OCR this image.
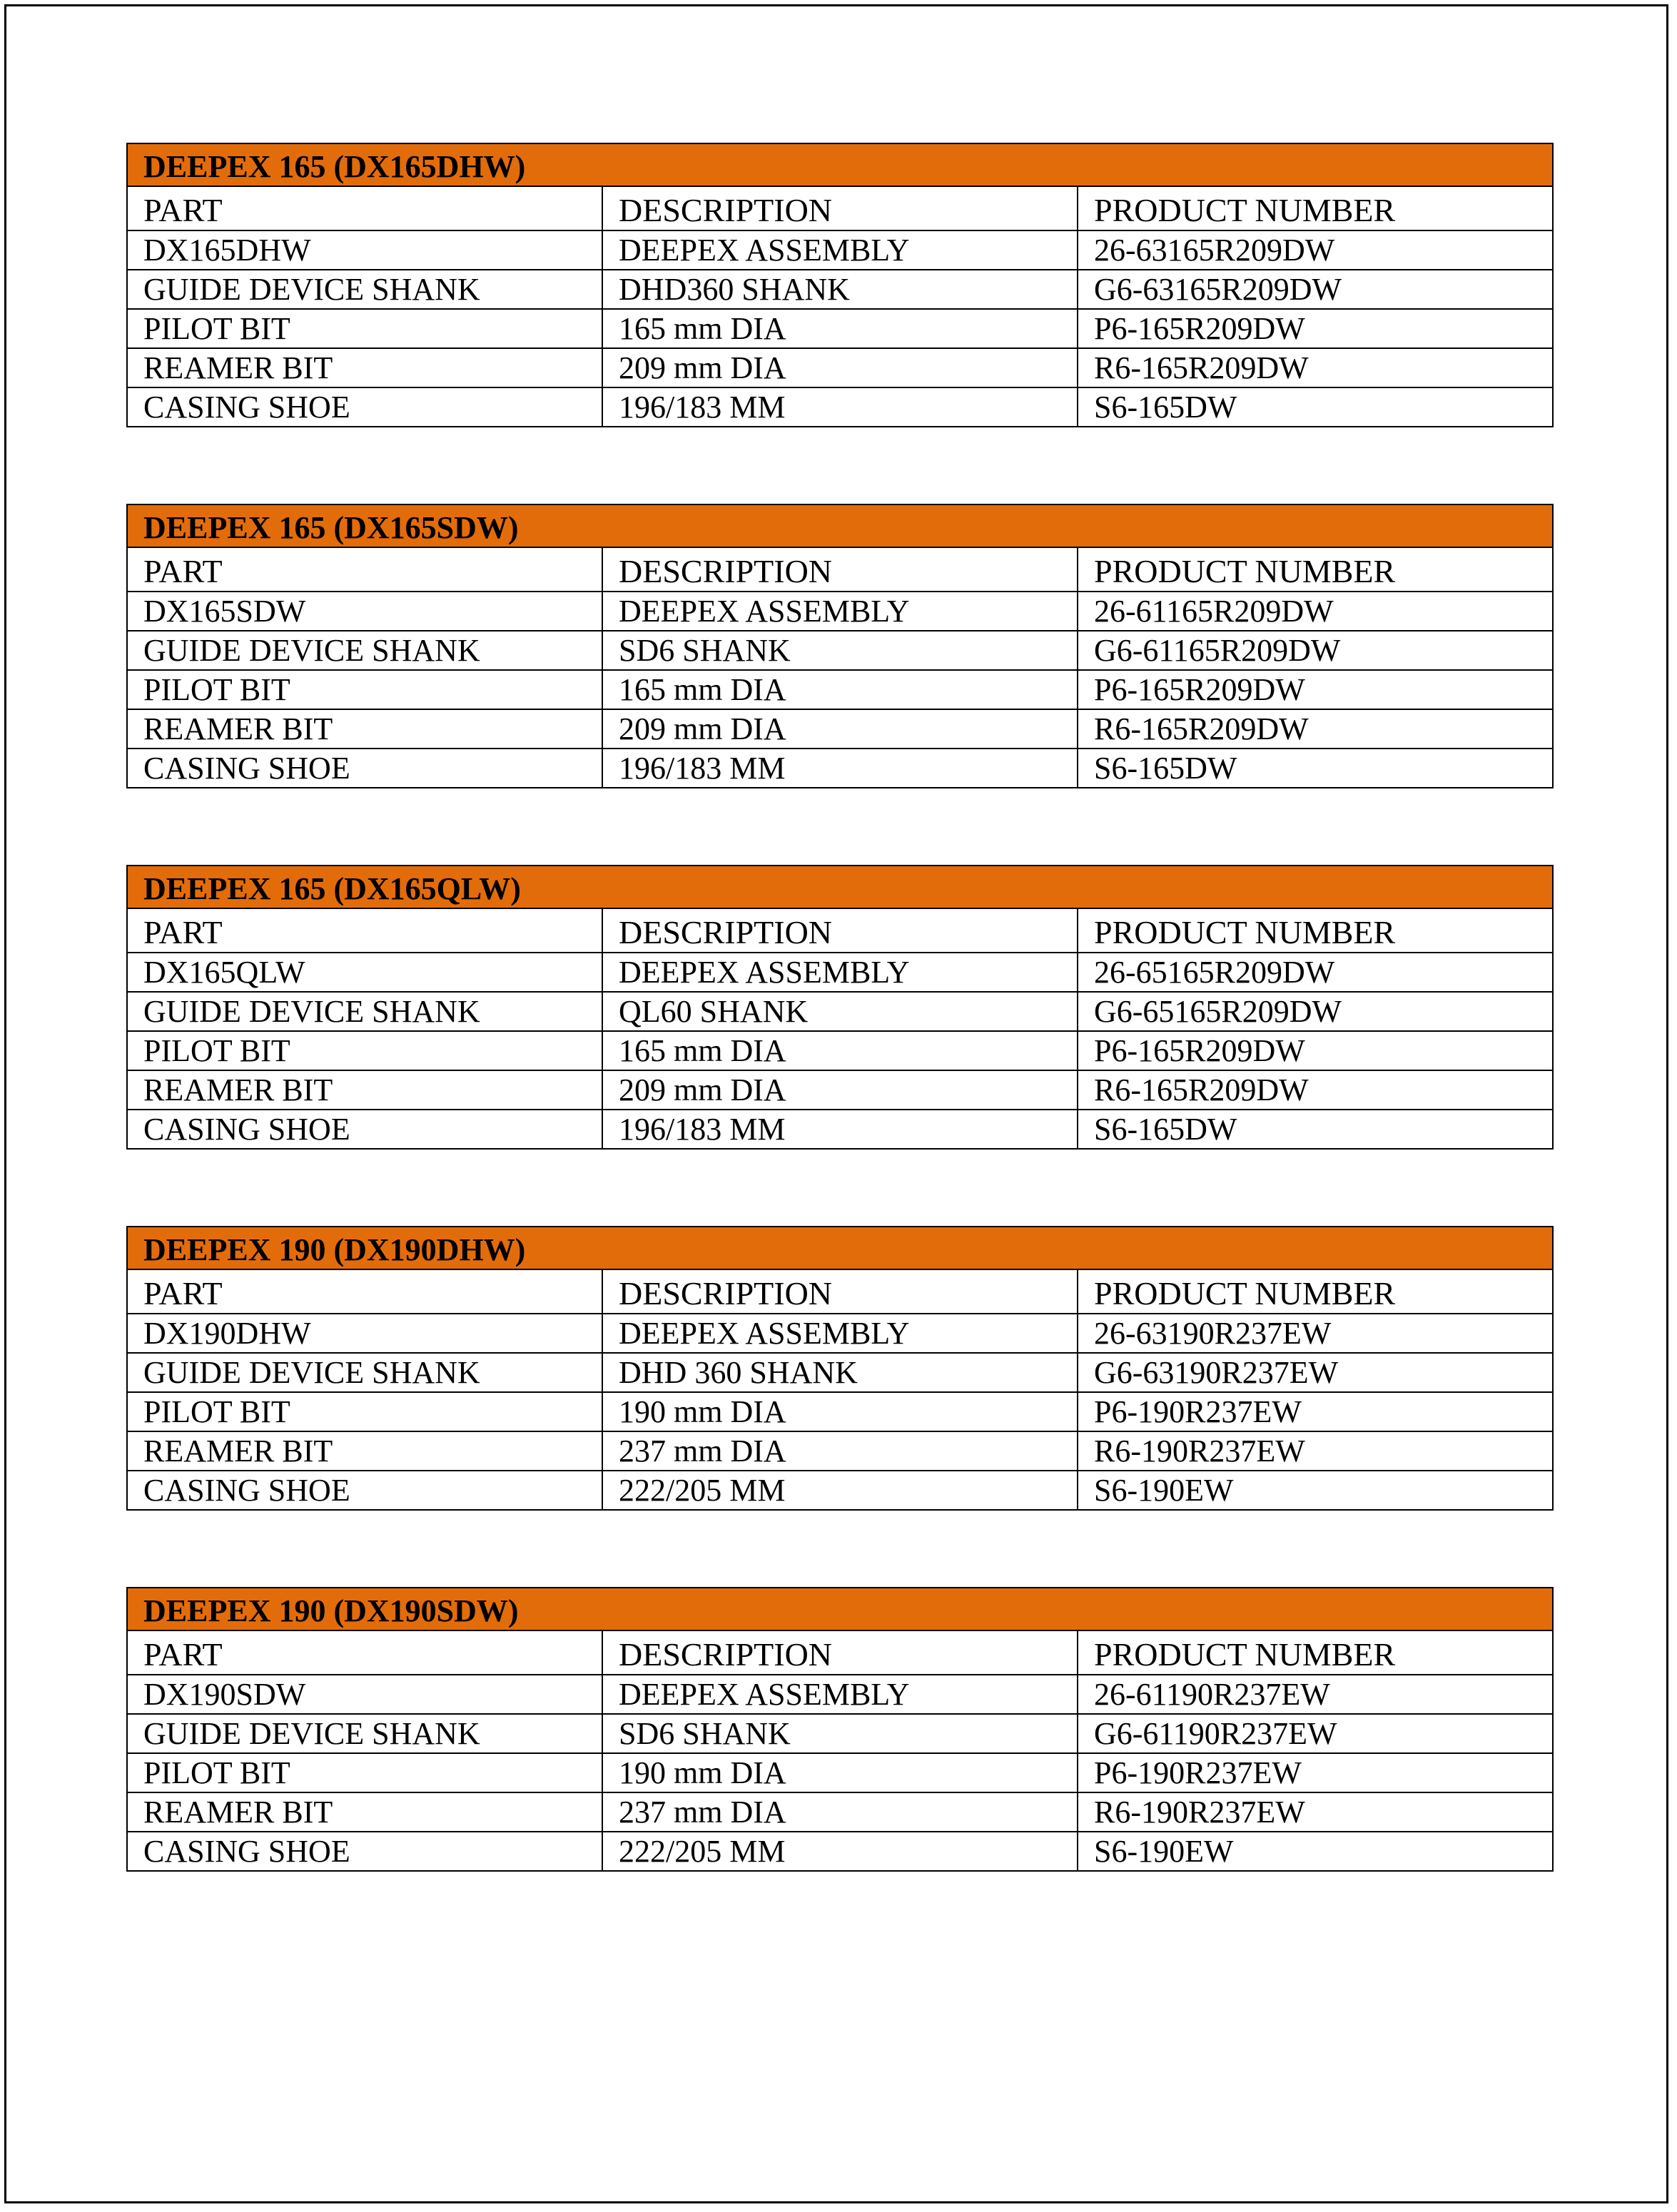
DEEPEX 165 (DX165DHW)		
PART	DESCRIPTION	PRODUCT NUMBER
DX165DHW	DEEPEX ASSEMBLY	26-63165R209DW
GUIDE DEVICE SHANK	DHD360 SHANK	G6-63165R209DW
PILOT BIT	165 mm DIA	P6-165R209DW
REAMER BIT	209 mm DIA	R6-165R209DW
CASING SHOE	196/183 MM	S6-165DW
DEEPEX 165 (DX165SDW)		
PART	DESCRIPTION	PRODUCT NUMBER
DX165SDW	DEEPEX ASSEMBLY	26-61165R209DW
GUIDE DEVICE SHANK	SD6 SHANK	G6-61165R209DW
PILOT BIT	165 mm DIA	P6-165R209DW
REAMER BIT	209 mm DIA	R6-165R209DW
CASING SHOE	196/183 MM	S6-165DW
DEEPEX 165 (DX165QLW)		
PART	DESCRIPTION	PRODUCT NUMBER
DX165QLW	DEEPEX ASSEMBLY	26-65165R209DW
GUIDE DEVICE SHANK	QL60 SHANK	G6-65165R209DW
PILOT BIT	165 mm DIA	P6-165R209DW
REAMER BIT	209 mm DIA	R6-165R209DW
CASING SHOE	196/183 MM	S6-165DW
DEEPEX 190 (DX190DHW)		
PART	DESCRIPTION	PRODUCT NUMBER
DX190DHW	DEEPEX ASSEMBLY	26-63190R237EW
GUIDE DEVICE SHANK	DHD 360 SHANK	G6-63190R237EW
PILOT BIT	190 mm DIA	P6-190R237EW
REAMER BIT	237 mm DIA	R6-190R237EW
CASING SHOE	222/205 MM	S6-190EW
DEEPEX 190 (DX190SDW)		
PART	DESCRIPTION	PRODUCT NUMBER
DX190SDW	DEEPEX ASSEMBLY	26-61190R237EW
GUIDE DEVICE SHANK	SD6 SHANK	G6-61190R237EW
PILOT BIT	190 mm DIA	P6-190R237EW
REAMER BIT	237 mm DIA	R6-190R237EW
CASING SHOE	222/205 MM	S6-190EW
